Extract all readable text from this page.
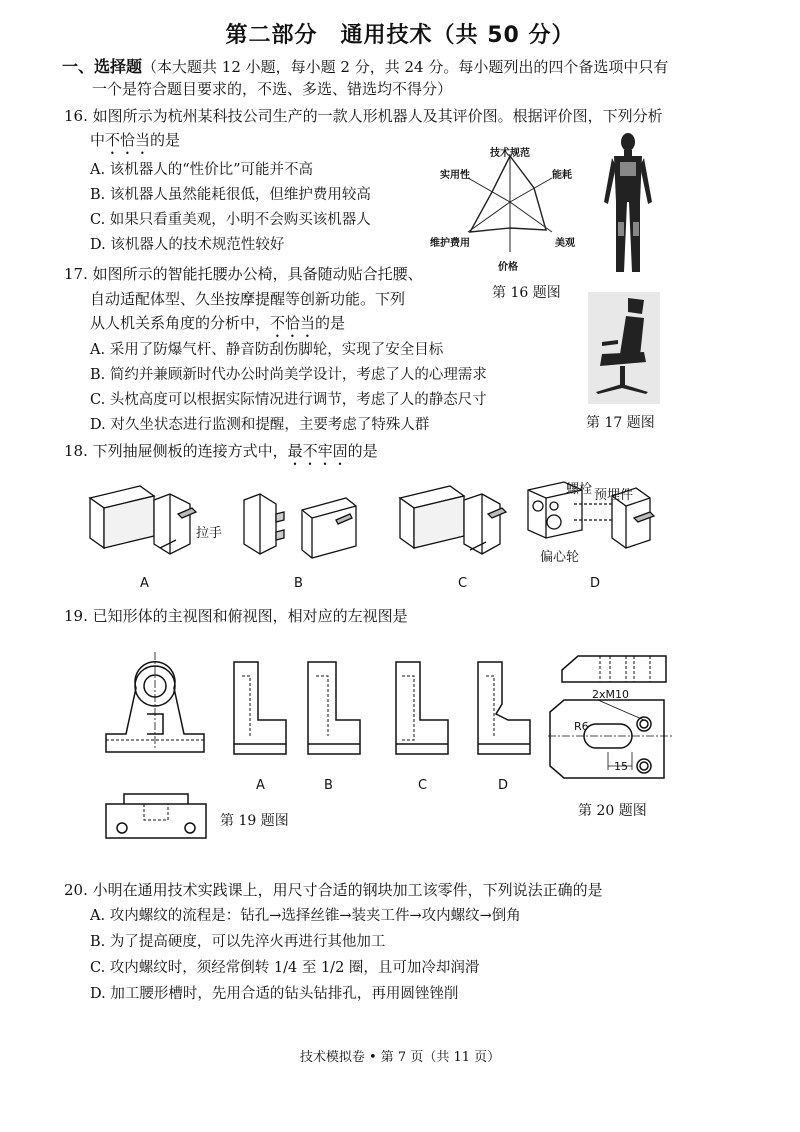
第二部分　通用技术（共 50 分）
一、选择题（本大题共 12 小题，每小题 2 分，共 24 分。每小题列出的四个备选项中只有
一个是符合题目要求的，不选、多选、错选均不得分）
16. 如图所示为杭州某科技公司生产的一款人形机器人及其评价图。根据评价图，下列分析
中不恰当的是
A. 该机器人的“性价比”可能并不高
B. 该机器人虽然能耗很低，但维护费用较高
C. 如果只看重美观，小明不会购买该机器人
D. 该机器人的技术规范性较好
技术规范
能耗
美观
价格
维护费用
实用性
第 16 题图
第 17 题图
17. 如图所示的智能托腰办公椅，具备随动贴合托腰、
自动适配体型、久坐按摩提醒等创新功能。下列
从人机关系角度的分析中，不恰当的是
A. 采用了防爆气杆、静音防刮伤脚轮，实现了安全目标
B. 简约并兼顾新时代办公时尚美学设计，考虑了人的心理需求
C. 头枕高度可以根据实际情况进行调节，考虑了人的静态尺寸
D. 对久坐状态进行监测和提醒，主要考虑了特殊人群
18. 下列抽屉侧板的连接方式中，最不牢固的是
拉手
螺栓 预埋件
偏心轮
A	B	C	D
19. 已知形体的主视图和俯视图，相对应的左视图是
第 19 题图
A	B	C	D
2xM10
R6
15
第 20 题图
20. 小明在通用技术实践课上，用尺寸合适的钢块加工该零件，下列说法正确的是
A. 攻内螺纹的流程是：钻孔→选择丝锥→装夹工件→攻内螺纹→倒角
B. 为了提高硬度，可以先淬火再进行其他加工
C. 攻内螺纹时，须经常倒转 1/4 至 1/2 圈，且可加冷却润滑
D. 加工腰形槽时，先用合适的钻头钻排孔，再用圆锉锉削
技术模拟卷 • 第 7 页（共 11 页）
